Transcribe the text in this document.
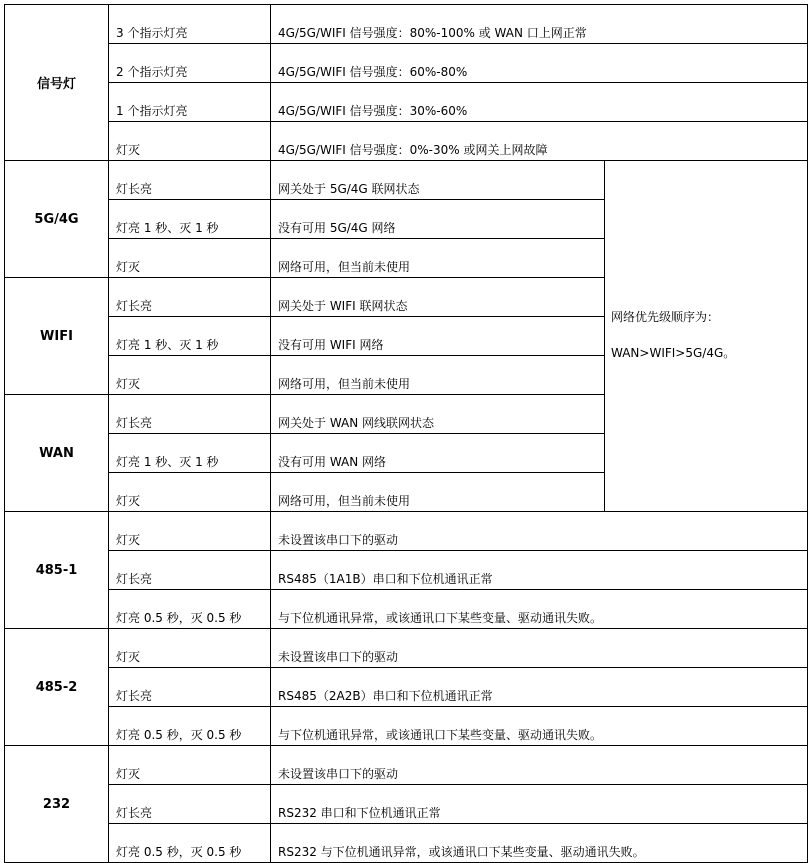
信号灯	3 个指示灯亮	4G/5G/WIFI 信号强度：80%-100% 或 WAN 口上网正常	
	2 个指示灯亮	4G/5G/WIFI 信号强度：60%-80%	
	1 个指示灯亮	4G/5G/WIFI 信号强度：30%-60%	
	灯灭	4G/5G/WIFI 信号强度：0%-30% 或网关上网故障	
5G/4G	灯长亮	网关处于 5G/4G 联网状态	网络优先级顺序为：
WAN>WIFI>5G/4G。

	灯亮 1 秒、灭 1 秒	没有可用 5G/4G 网络	
	灯灭	网络可用，但当前未使用	
WIFI	灯长亮	网关处于 WIFI 联网状态	
	灯亮 1 秒、灭 1 秒	没有可用 WIFI 网络	
	灯灭	网络可用，但当前未使用	
WAN	灯长亮	网关处于 WAN 网线联网状态	
	灯亮 1 秒、灭 1 秒	没有可用 WAN 网络	
	灯灭	网络可用，但当前未使用	
485-1	灯灭	未设置该串口下的驱动	
	灯长亮	RS485（1A1B）串口和下位机通讯正常	
	灯亮 0.5 秒，灭 0.5 秒	与下位机通讯异常，或该通讯口下某些变量、驱动通讯失败。	
485-2	灯灭	未设置该串口下的驱动	
	灯长亮	RS485（2A2B）串口和下位机通讯正常	
	灯亮 0.5 秒，灭 0.5 秒	与下位机通讯异常，或该通讯口下某些变量、驱动通讯失败。	
232	灯灭	未设置该串口下的驱动	
	灯长亮	RS232 串口和下位机通讯正常	
	灯亮 0.5 秒，灭 0.5 秒	RS232 与下位机通讯异常，或该通讯口下某些变量、驱动通讯失败。	
